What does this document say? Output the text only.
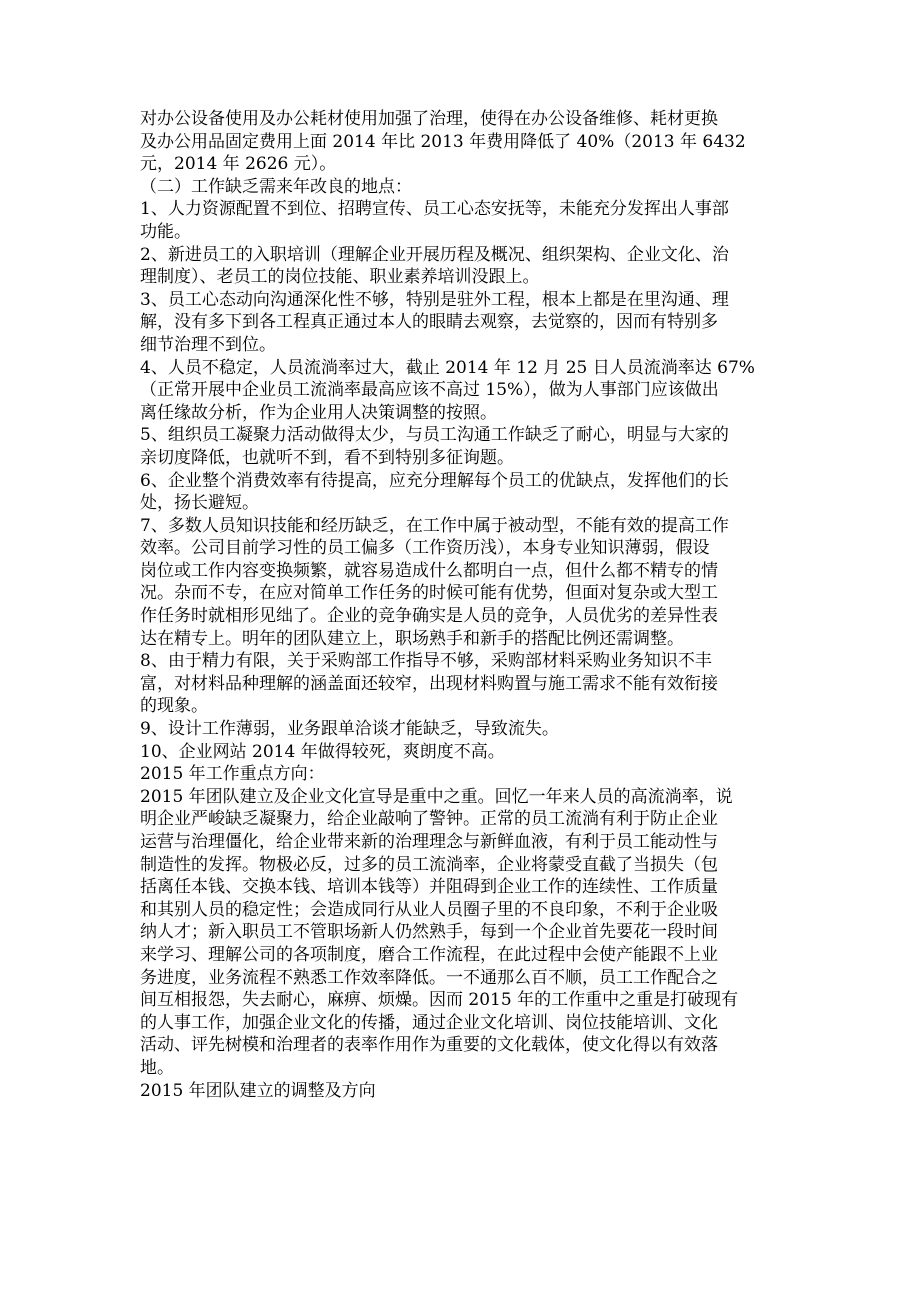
对办公设备使用及办公耗材使用加强了治理，使得在办公设备维修、耗材更换

及办公用品固定费用上面 2014 年比 2013 年费用降低了 40%（2013 年 6432

元，2014 年 2626 元）。

（二）工作缺乏需来年改良的地点：

1、人力资源配置不到位、招聘宣传、员工心态安抚等，未能充分发挥出人事部

功能。

2、新进员工的入职培训（理解企业开展历程及概况、组织架构、企业文化、治

理制度）、老员工的岗位技能、职业素养培训没跟上。

3、员工心态动向沟通深化性不够，特别是驻外工程，根本上都是在里沟通、理

解，没有多下到各工程真正通过本人的眼睛去观察，去觉察的，因而有特别多

细节治理不到位。

4、人员不稳定，人员流淌率过大，截止 2014 年 12 月 25 日人员流淌率达 67%

（正常开展中企业员工流淌率最高应该不高过 15%），做为人事部门应该做出

离任缘故分析，作为企业用人决策调整的按照。

5、组织员工凝聚力活动做得太少，与员工沟通工作缺乏了耐心，明显与大家的

亲切度降低，也就听不到，看不到特别多征询题。

6、企业整个消费效率有待提高，应充分理解每个员工的优缺点，发挥他们的长

处，扬长避短。

7、多数人员知识技能和经历缺乏，在工作中属于被动型，不能有效的提高工作

效率。公司目前学习性的员工偏多（工作资历浅），本身专业知识薄弱，假设

岗位或工作内容变换频繁，就容易造成什么都明白一点，但什么都不精专的情

况。杂而不专，在应对简单工作任务的时候可能有优势，但面对复杂或大型工

作任务时就相形见绌了。企业的竞争确实是人员的竞争，人员优劣的差异性表

达在精专上。明年的团队建立上，职场熟手和新手的搭配比例还需调整。

8、由于精力有限，关于采购部工作指导不够，采购部材料采购业务知识不丰

富，对材料品种理解的涵盖面还较窄，出现材料购置与施工需求不能有效衔接

的现象。

9、设计工作薄弱，业务跟单洽谈才能缺乏，导致流失。

10、企业网站 2014 年做得较死，爽朗度不高。

2015 年工作重点方向：

2015 年团队建立及企业文化宣导是重中之重。回忆一年来人员的高流淌率，说

明企业严峻缺乏凝聚力，给企业敲响了警钟。正常的员工流淌有利于防止企业

运营与治理僵化，给企业带来新的治理理念与新鲜血液，有利于员工能动性与

制造性的发挥。物极必反，过多的员工流淌率，企业将蒙受直截了当损失（包

括离任本钱、交换本钱、培训本钱等）并阻碍到企业工作的连续性、工作质量

和其别人员的稳定性；会造成同行从业人员圈子里的不良印象，不利于企业吸

纳人才；新入职员工不管职场新人仍然熟手，每到一个企业首先要花一段时间

来学习、理解公司的各项制度，磨合工作流程，在此过程中会使产能跟不上业

务进度，业务流程不熟悉工作效率降低。一不通那么百不顺，员工工作配合之

间互相报怨，失去耐心，麻痹、烦燥。因而 2015 年的工作重中之重是打破现有

的人事工作，加强企业文化的传播，通过企业文化培训、岗位技能培训、文化

活动、评先树模和治理者的表率作用作为重要的文化载体，使文化得以有效落

地。

2015 年团队建立的调整及方向
